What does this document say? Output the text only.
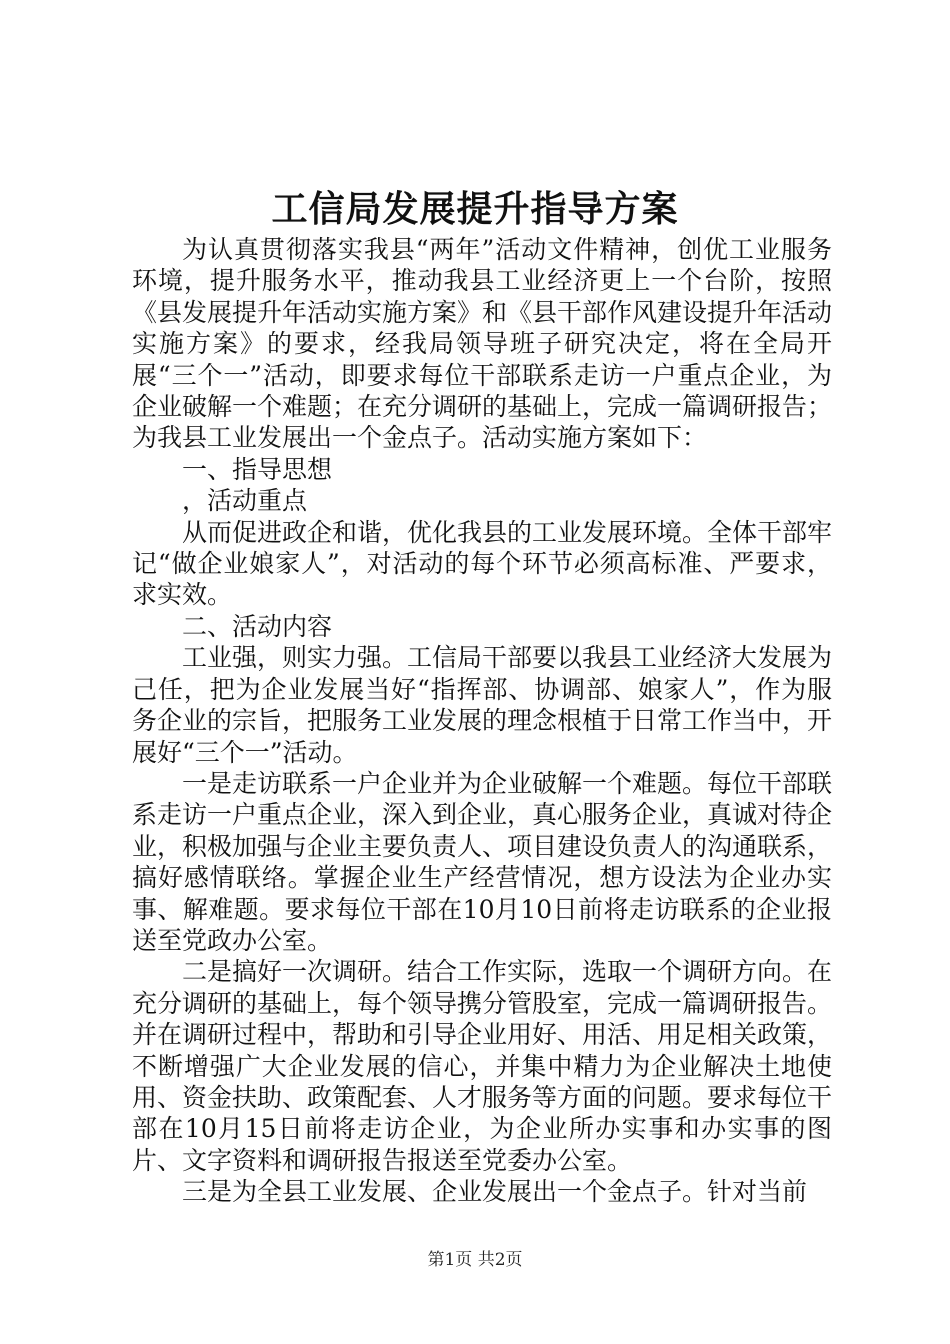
工信局发展提升指导方案

为认真贯彻落实我县“两年”活动文件精神，创优工业服务环境，提升服务水平，推动我县工业经济更上一个台阶，按照《县发展提升年活动实施方案》和《县干部作风建设提升年活动实施方案》的要求，经我局领导班子研究决定，将在全局开展“三个一”活动，即要求每位干部联系走访一户重点企业，为企业破解一个难题；在充分调研的基础上，完成一篇调研报告；为我县工业发展出一个金点子。活动实施方案如下：

一、指导思想

，活动重点

从而促进政企和谐，优化我县的工业发展环境。全体干部牢记“做企业娘家人”，对活动的每个环节必须高标准、严要求，求实效。

二、活动内容

工业强，则实力强。工信局干部要以我县工业经济大发展为己任，把为企业发展当好“指挥部、协调部、娘家人”，作为服务企业的宗旨，把服务工业发展的理念根植于日常工作当中，开展好“三个一”活动。

一是走访联系一户企业并为企业破解一个难题。每位干部联系走访一户重点企业，深入到企业，真心服务企业，真诚对待企业，积极加强与企业主要负责人、项目建设负责人的沟通联系，搞好感情联络。掌握企业生产经营情况，想方设法为企业办实事、解难题。要求每位干部在10月10日前将走访联系的企业报送至党政办公室。

二是搞好一次调研。结合工作实际，选取一个调研方向。在充分调研的基础上，每个领导携分管股室，完成一篇调研报告。并在调研过程中，帮助和引导企业用好、用活、用足相关政策，不断增强广大企业发展的信心，并集中精力为企业解决土地使用、资金扶助、政策配套、人才服务等方面的问题。要求每位干部在10月15日前将走访企业，为企业所办实事和办实事的图片、文字资料和调研报告报送至党委办公室。

三是为全县工业发展、企业发展出一个金点子。针对当前

第1页 共2页
